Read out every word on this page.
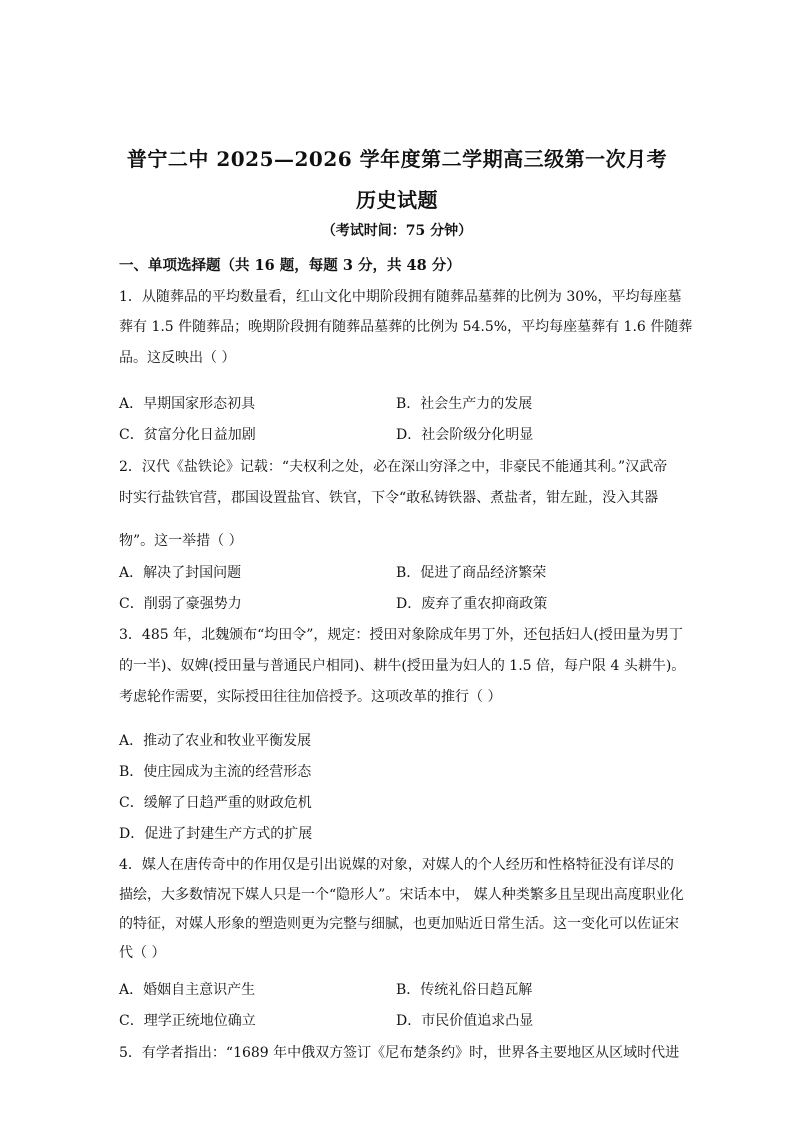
普宁二中 2025—2026 学年度第二学期高三级第一次月考
历史试题
（考试时间：75 分钟）
一、单项选择题（共 16 题，每题 3 分，共 48 分）
1．从随葬品的平均数量看，红山文化中期阶段拥有随葬品墓葬的比例为 30%，平均每座墓
葬有 1.5 件随葬品；晚期阶段拥有随葬品墓葬的比例为 54.5%，平均每座墓葬有 1.6 件随葬
品。这反映出（ ）
A．早期国家形态初具	B．社会生产力的发展
C．贫富分化日益加剧	D．社会阶级分化明显
2．汉代《盐铁论》记载：“夫权利之处，必在深山穷泽之中，非豪民不能通其利。”汉武帝
时实行盐铁官营，郡国设置盐官、铁官，下令“敢私铸铁器、煮盐者，钳左趾，没入其器
物”。这一举措（ ）
A．解决了封国问题	B．促进了商品经济繁荣
C．削弱了豪强势力	D．废弃了重农抑商政策
3．485 年，北魏颁布“均田令”，规定：授田对象除成年男丁外，还包括妇人(授田量为男丁
的一半)、奴婢(授田量与普通民户相同)、耕牛(授田量为妇人的 1.5 倍，每户限 4 头耕牛)。
考虑轮作需要，实际授田往往加倍授予。这项改革的推行（ ）
A．推动了农业和牧业平衡发展
B．使庄园成为主流的经营形态
C．缓解了日趋严重的财政危机
D．促进了封建生产方式的扩展
4．媒人在唐传奇中的作用仅是引出说媒的对象，对媒人的个人经历和性格特征没有详尽的
描绘，大多数情况下媒人只是一个“隐形人”。宋话本中， 媒人种类繁多且呈现出高度职业化
的特征，对媒人形象的塑造则更为完整与细腻，也更加贴近日常生活。这一变化可以佐证宋
代（ ）
A．婚姻自主意识产生	B．传统礼俗日趋瓦解
C．理学正统地位确立	D．市民价值追求凸显
5．有学者指出：“1689 年中俄双方签订《尼布楚条约》时，世界各主要地区从区域时代进
